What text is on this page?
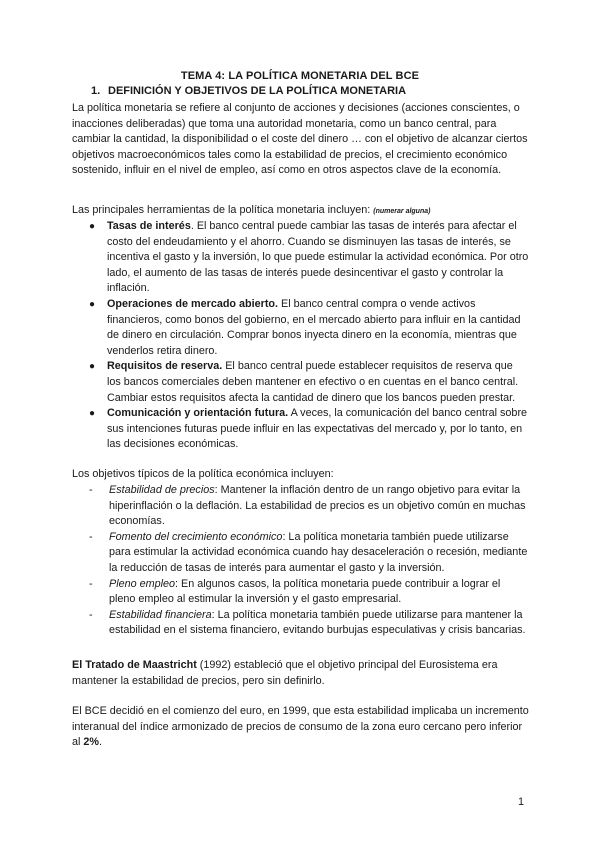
TEMA 4: LA POLÍTICA MONETARIA DEL BCE
1. DEFINICIÓN Y OBJETIVOS DE LA POLÍTICA MONETARIA

La política monetaria se refiere al conjunto de acciones y decisiones (acciones conscientes, o inacciones deliberadas) que toma una autoridad monetaria, como un banco central, para cambiar la cantidad, la disponibilidad o el coste del dinero … con el objetivo de alcanzar ciertos objetivos macroeconómicos tales como la estabilidad de precios, el crecimiento económico sostenido, influir en el nivel de empleo, así como en otros aspectos clave de la economía.

Las principales herramientas de la política monetaria incluyen: (numerar alguna)

● Tasas de interés. El banco central puede cambiar las tasas de interés para afectar el costo del endeudamiento y el ahorro. Cuando se disminuyen las tasas de interés, se incentiva el gasto y la inversión, lo que puede estimular la actividad económica. Por otro lado, el aumento de las tasas de interés puede desincentivar el gasto y controlar la inflación.
● Operaciones de mercado abierto. El banco central compra o vende activos financieros, como bonos del gobierno, en el mercado abierto para influir en la cantidad de dinero en circulación. Comprar bonos inyecta dinero en la economía, mientras que venderlos retira dinero.
● Requisitos de reserva. El banco central puede establecer requisitos de reserva que los bancos comerciales deben mantener en efectivo o en cuentas en el banco central. Cambiar estos requisitos afecta la cantidad de dinero que los bancos pueden prestar.
● Comunicación y orientación futura. A veces, la comunicación del banco central sobre sus intenciones futuras puede influir en las expectativas del mercado y, por lo tanto, en las decisiones económicas.

Los objetivos típicos de la política económica incluyen:

- Estabilidad de precios: Mantener la inflación dentro de un rango objetivo para evitar la hiperinflación o la deflación. La estabilidad de precios es un objetivo común en muchas economías.
- Fomento del crecimiento económico: La política monetaria también puede utilizarse para estimular la actividad económica cuando hay desaceleración o recesión, mediante la reducción de tasas de interés para aumentar el gasto y la inversión.
- Pleno empleo: En algunos casos, la política monetaria puede contribuir a lograr el pleno empleo al estimular la inversión y el gasto empresarial.
- Estabilidad financiera: La política monetaria también puede utilizarse para mantener la estabilidad en el sistema financiero, evitando burbujas especulativas y crisis bancarias.

El Tratado de Maastricht (1992) estableció que el objetivo principal del Eurosistema era mantener la estabilidad de precios, pero sin definirlo.

El BCE decidió en el comienzo del euro, en 1999, que esta estabilidad implicaba un incremento interanual del índice armonizado de precios de consumo de la zona euro cercano pero inferior al 2%.

1
